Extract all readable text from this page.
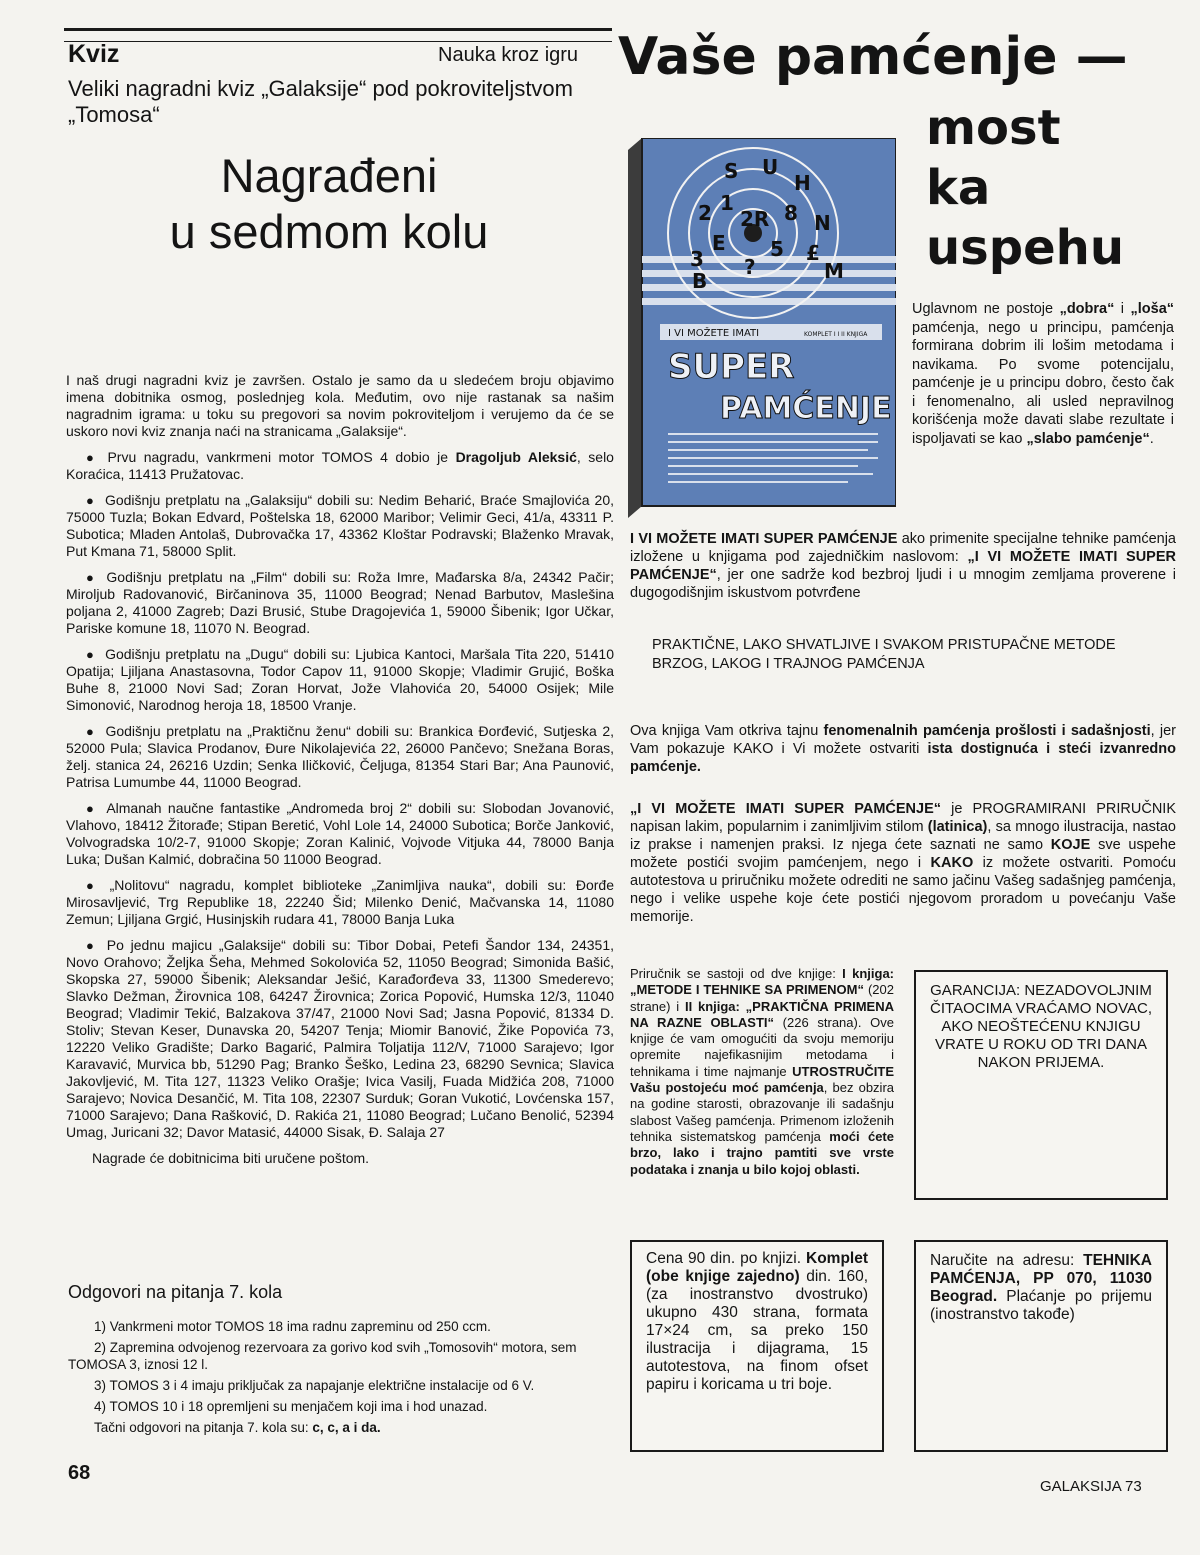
Kviz	Nauka kroz igru
Veliki nagradni kviz „Galaksije“ pod pokroviteljstvom „Tomosa“
Nagrađeni
u sedmom kolu

I naš drugi nagradni kviz je završen. Ostalo je samo da u sledećem broju objavimo imena dobitnika osmog, poslednjeg kola. Međutim, ovo nije rastanak sa našim nagradnim igrama: u toku su pregovori sa novim pokroviteljom i verujemo da će se uskoro novi kviz znanja naći na stranicama „Galaksije“.

● Prvu nagradu, vankrmeni motor TOMOS 4 dobio je Dragoljub Aleksić, selo Koraćica, 11413 Pružatovac.

● Godišnju pretplatu na „Galaksiju“ dobili su: Nedim Beharić, Braće Smajlovića 20, 75000 Tuzla; Bokan Edvard, Poštelska 18, 62000 Maribor; Velimir Geci, 41/a, 43311 P. Subotica; Mladen Antolaš, Dubrovačka 17, 43362 Kloštar Podravski; Blaženko Mravak, Put Kmana 71, 58000 Split.

● Godišnju pretplatu na „Film“ dobili su: Roža Imre, Mađarska 8/a, 24342 Pačir; Miroljub Radovanović, Birčaninova 35, 11000 Beograd; Nenad Barbutov, Maslešina poljana 2, 41000 Zagreb; Dazi Brusić, Stube Dragojevića 1, 59000 Šibenik; Igor Učkar, Pariske komune 18, 11070 N. Beograd.

● Godišnju pretplatu na „Dugu“ dobili su: Ljubica Kantoci, Maršala Tita 220, 51410 Opatija; Ljiljana Anastasovna, Todor Capov 11, 91000 Skopje; Vladimir Grujić, Boška Buhe 8, 21000 Novi Sad; Zoran Horvat, Jože Vlahovića 20, 54000 Osijek; Mile Simonović, Narodnog heroja 18, 18500 Vranje.

● Godišnju pretplatu na „Praktičnu ženu“ dobili su: Brankica Đorđević, Sutjeska 2, 52000 Pula; Slavica Prodanov, Đure Nikolajevića 22, 26000 Pančevo; Snežana Boras, želj. stanica 24, 26216 Uzdin; Senka Iličković, Čeljuga, 81354 Stari Bar; Ana Paunović, Patrisa Lumumbe 44, 11000 Beograd.

● Almanah naučne fantastike „Andromeda broj 2“ dobili su: Slobodan Jovanović, Vlahovo, 18412 Žitorađe; Stipan Beretić, Vohl Lole 14, 24000 Subotica; Borče Janković, Volvogradska 10/2-7, 91000 Skopje; Zoran Kalinić, Vojvode Vitjuka 44, 78000 Banja Luka; Dušan Kalmić, dobračina 50 11000 Beograd.

● „Nolitovu“ nagradu, komplet biblioteke „Zanimljiva nauka“, dobili su: Đorđe Mirosavljević, Trg Republike 18, 22240 Šid; Milenko Denić, Mačvanska 14, 11080 Zemun; Ljiljana Grgić, Husinjskih rudara 41, 78000 Banja Luka

● Po jednu majicu „Galaksije“ dobili su: Tibor Dobai, Petefi Šandor 134, 24351, Novo Orahovo; Željka Šeha, Mehmed Sokolovića 52, 11050 Beograd; Simonida Bašić, Skopska 27, 59000 Šibenik; Aleksandar Ješić, Karađorđeva 33, 11300 Smederevo; Slavko Dežman, Žirovnica 108, 64247 Žirovnica; Zorica Popović, Humska 12/3, 11040 Beograd; Vladimir Tekić, Balzakova 37/47, 21000 Novi Sad; Jasna Popović, 81334 D. Stoliv; Stevan Keser, Dunavska 20, 54207 Tenja; Miomir Banović, Žike Popovića 73, 12220 Veliko Gradište; Darko Bagarić, Palmira Toljatija 112/V, 71000 Sarajevo; Igor Karavavić, Murvica bb, 51290 Pag; Branko Šeško, Ledina 23, 68290 Sevnica; Slavica Jakovljević, M. Tita 127, 11323 Veliko Orašje; Ivica Vasilj, Fuada Midžića 208, 71000 Sarajevo; Novica Desančić, M. Tita 108, 22307 Surduk; Goran Vukotić, Lovćenska 157, 71000 Sarajevo; Dana Rašković, D. Rakića 21, 11080 Beograd; Lučano Benolić, 52394 Umag, Juricani 32; Davor Matasić, 44000 Sisak, Đ. Salaja 27

Nagrade će dobitnicima biti uručene poštom.

Odgovori na pitanja 7. kola

1) Vankrmeni motor TOMOS 18 ima radnu zapreminu od 250 ccm.

2) Zapremina odvojenog rezervoara za gorivo kod svih „Tomosovih“ motora, sem TOMOSA 3, iznosi 12 l.

3) TOMOS 3 i 4 imaju priključak za napajanje električne instalacije od 6 V.

4) TOMOS 10 i 18 opremljeni su menjačem koji ima i hod unazad.

Tačni odgovori na pitanja 7. kola su: c, c, a i da.

68
Vaše pamćenje —
most
ka uspehu
S U
H
2 1	8 N
2R
E 5
3 ?	M
B
£
I VI MOŽETE IMATI	KOMPLET I I II KNJIGA
SUPER
PAMĆENJE
Uglavnom ne postoje „dobra“ i „loša“ pamćenja, nego u principu, pamćenja formirana dobrim ili lošim metodama i navikama. Po svome potencijalu, pamćenje je u principu dobro, često čak i fenomenalno, ali usled nepravilnog korišćenja može davati slabe rezultate i ispoljavati se kao „slabo pamćenje“.

I VI MOŽETE IMATI SUPER PAMĆENJE ako primenite specijalne tehnike pamćenja izložene u knjigama pod zajedničkim naslovom: „I VI MOŽETE IMATI SUPER PAMĆENJE“, jer one sadrže kod bezbroj ljudi i u mnogim zemljama proverene i dugogodišnjim iskustvom potvrđene

PRAKTIČNE, LAKO SHVATLJIVE I SVAKOM PRISTUPAČNE METODE
BRZOG, LAKOG I TRAJNOG PAMĆENJA
Ova knjiga Vam otkriva tajnu fenomenalnih pamćenja prošlosti i sadašnjosti, jer Vam pokazuje KAKO i Vi možete ostvariti ista dostignuća i steći izvanredno pamćenje.
„I VI MOŽETE IMATI SUPER PAMĆENJE“ je PROGRAMIRANI PRIRUČNIK napisan lakim, popularnim i zanimljivim stilom (latinica), sa mnogo ilustracija, nastao iz prakse i namenjen praksi. Iz njega ćete saznati ne samo KOJE sve uspehe možete postići svojim pamćenjem, nego i KAKO iz možete ostvariti. Pomoću autotestova u priručniku možete odrediti ne samo jačinu Vašeg sadašnjeg pamćenja, nego i velike uspehe koje ćete postići njegovom proradom u povećanju Vaše memorije.
Priručnik se sastoji od dve knjige: I knjiga: „METODE I TEHNIKE SA PRIMENOM“ (202 strane) i II knjiga: „PRAKTIČNA PRIMENA NA RAZNE OBLASTI“ (226 strana). Ove knjige će vam omogućiti da svoju memoriju opremite najefikasnijim metodama i tehnikama i time najmanje UTROSTRUČITE Vašu postojeću moć pamćenja, bez obzira na godine starosti, obrazovanje ili sadašnju slabost Vašeg pamćenja. Primenom izloženih tehnika sistematskog pamćenja moći ćete brzo, lako i trajno pamtiti sve vrste podataka i znanja u bilo kojoj oblasti.
GARANCIJA: NEZADOVOLJNIM ČITAOCIMA VRAĆAMO NOVAC, AKO NEOŠTEĆENU KNJIGU VRATE U ROKU OD TRI DANA NAKON PRIJEMA.
Cena 90 din. po knjizi. Komplet (obe knjige zajedno) din. 160, (za inostranstvo dvostruko) ukupno 430 strana, formata 17×24 cm, sa preko 150 ilustracija i dijagrama, 15 autotestova, na finom ofset papiru i koricama u tri boje.
Naručite na adresu: TEHNIKA PAMĆENJA, PP 070, 11030 Beograd. Plaćanje po prijemu (inostranstvo takođe)
GALAKSIJA 73
